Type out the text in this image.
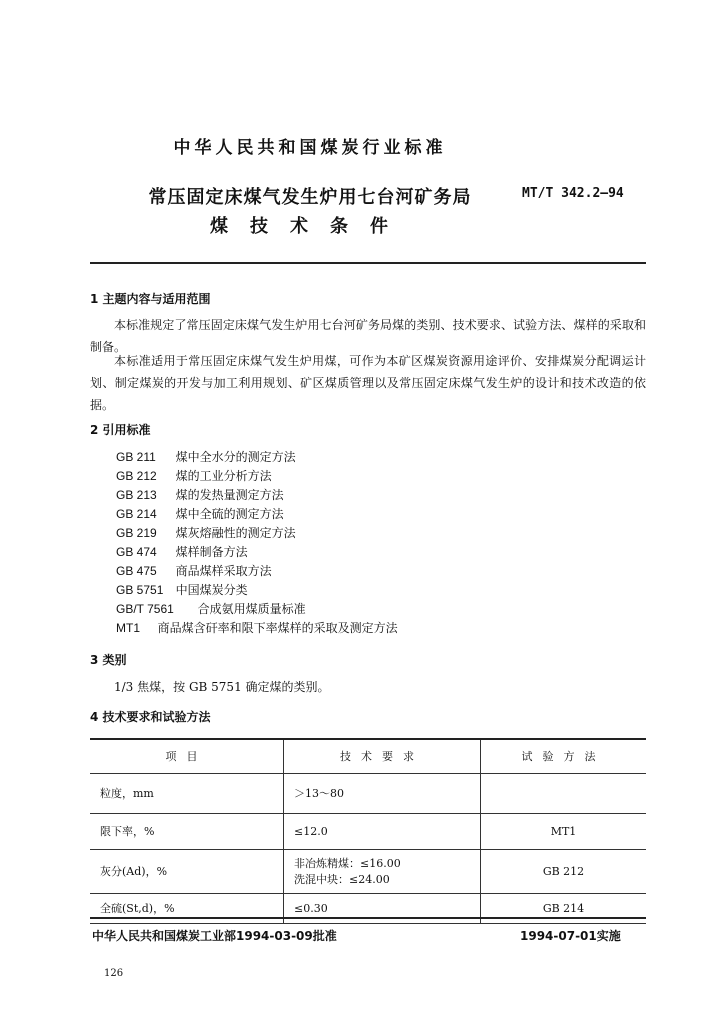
中华人民共和国煤炭行业标准
常压固定床煤气发生炉用七台河矿务局
煤技术条件
MT/T 342.2—94
1 主题内容与适用范围
本标准规定了常压固定床煤气发生炉用七台河矿务局煤的类别、技术要求、试验方法、煤样的采取和制备。
本标准适用于常压固定床煤气发生炉用煤，可作为本矿区煤炭资源用途评价、安排煤炭分配调运计划、制定煤炭的开发与加工利用规划、矿区煤质管理以及常压固定床煤气发生炉的设计和技术改造的依据。
2 引用标准
GB 211 煤中全水分的测定方法
GB 212 煤的工业分析方法
GB 213 煤的发热量测定方法
GB 214 煤中全硫的测定方法
GB 219 煤灰熔融性的测定方法
GB 474 煤样制备方法
GB 475 商品煤样采取方法
GB 5751 中国煤炭分类
GB/T 7561 合成氨用煤质量标准
MT1 商品煤含矸率和限下率煤样的采取及测定方法
3 类别
1/3 焦煤，按 GB 5751 确定煤的类别。
4 技术要求和试验方法
项目	技术要求	试验方法
粒度，mm	＞13～80	
限下率，%	≤12.0	MT1
灰分(Ad)，%	非冶炼精煤：≤16.00
洗混中块：≤24.00	GB 212
全硫(St,d)，%	≤0.30	GB 214
中华人民共和国煤炭工业部1994-03-09批准	1994-07-01实施
126
